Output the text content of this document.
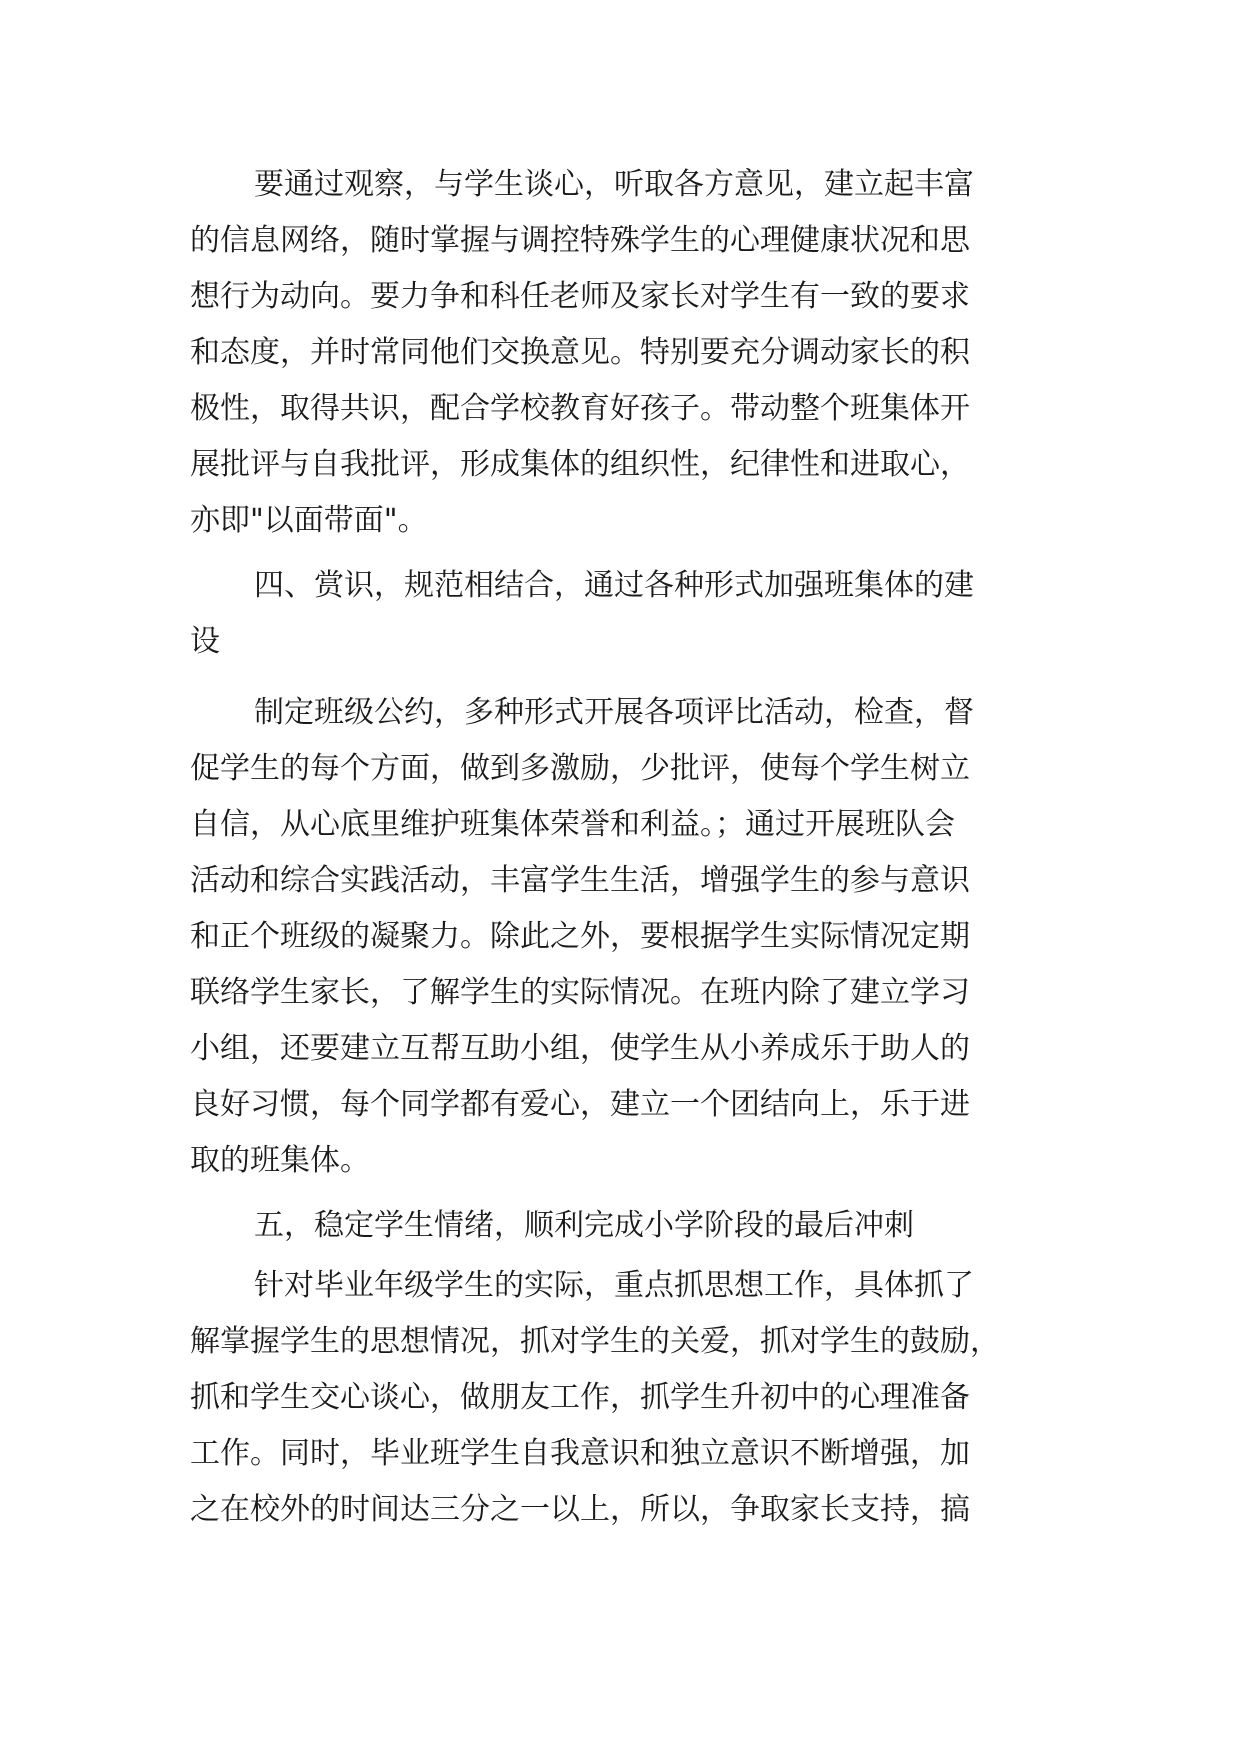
要通过观察，与学生谈心，听取各方意见，建立起丰富
的信息网络，随时掌握与调控特殊学生的心理健康状况和思
想行为动向。要力争和科任老师及家长对学生有一致的要求
和态度，并时常同他们交换意见。特别要充分调动家长的积
极性，取得共识，配合学校教育好孩子。带动整个班集体开
展批评与自我批评，形成集体的组织性，纪律性和进取心，
亦即"以面带面"。
四、赏识，规范相结合，通过各种形式加强班集体的建
设
制定班级公约，多种形式开展各项评比活动，检查，督
促学生的每个方面，做到多激励，少批评，使每个学生树立
自信，从心底里维护班集体荣誉和利益。；通过开展班队会
活动和综合实践活动，丰富学生生活，增强学生的参与意识
和正个班级的凝聚力。除此之外，要根据学生实际情况定期
联络学生家长，了解学生的实际情况。在班内除了建立学习
小组，还要建立互帮互助小组，使学生从小养成乐于助人的
良好习惯，每个同学都有爱心，建立一个团结向上，乐于进
取的班集体。
五，稳定学生情绪，顺利完成小学阶段的最后冲刺
针对毕业年级学生的实际，重点抓思想工作，具体抓了
解掌握学生的思想情况，抓对学生的关爱，抓对学生的鼓励，
抓和学生交心谈心，做朋友工作，抓学生升初中的心理准备
工作。同时，毕业班学生自我意识和独立意识不断增强，加
之在校外的时间达三分之一以上，所以，争取家长支持，搞
